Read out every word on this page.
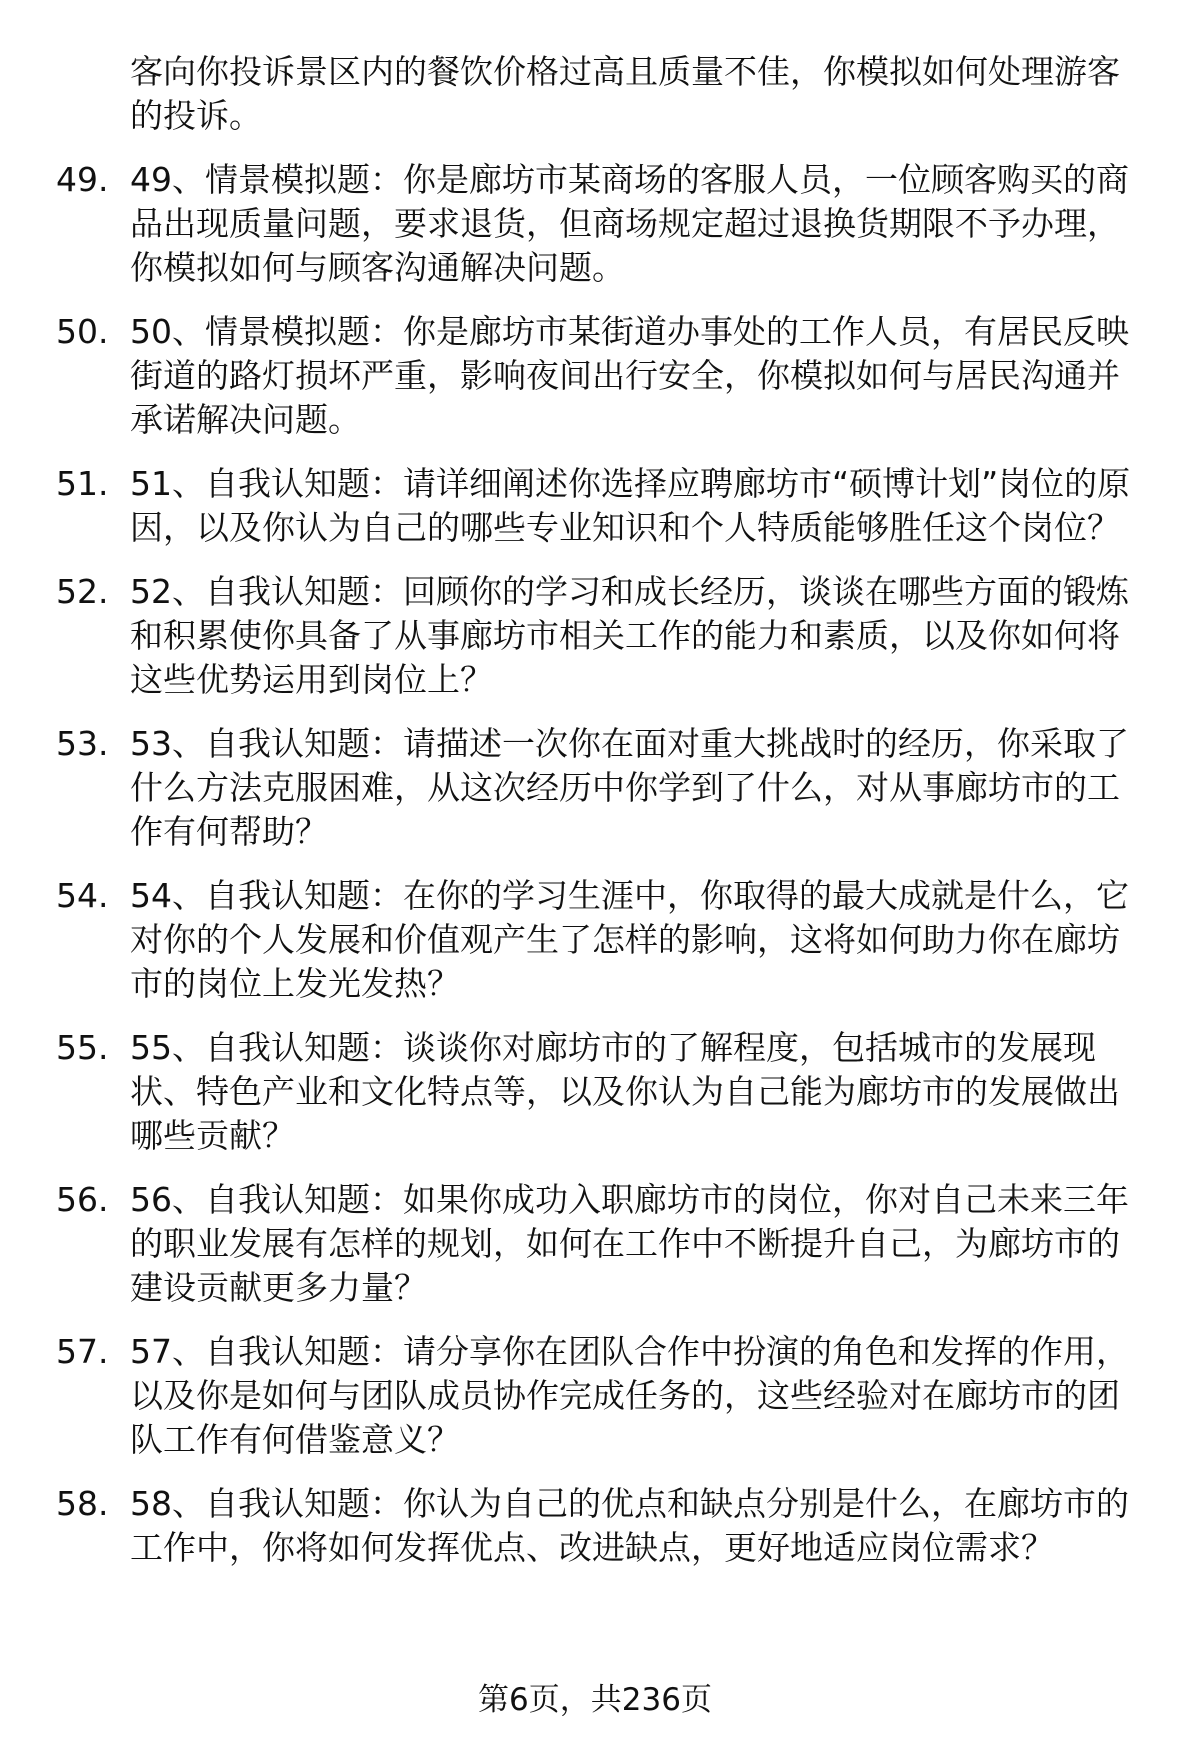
客向你投诉景区内的餐饮价格过高且质量不佳，你模拟如何处理游客的投诉。
49. 49、情景模拟题：你是廊坊市某商场的客服人员，一位顾客购买的商品出现质量问题，要求退货，但商场规定超过退换货期限不予办理，你模拟如何与顾客沟通解决问题。
50. 50、情景模拟题：你是廊坊市某街道办事处的工作人员，有居民反映街道的路灯损坏严重，影响夜间出行安全，你模拟如何与居民沟通并承诺解决问题。
51. 51、自我认知题：请详细阐述你选择应聘廊坊市“硕博计划”岗位的原因，以及你认为自己的哪些专业知识和个人特质能够胜任这个岗位？
52. 52、自我认知题：回顾你的学习和成长经历，谈谈在哪些方面的锻炼和积累使你具备了从事廊坊市相关工作的能力和素质，以及你如何将这些优势运用到岗位上？
53. 53、自我认知题：请描述一次你在面对重大挑战时的经历，你采取了什么方法克服困难，从这次经历中你学到了什么，对从事廊坊市的工作有何帮助？
54. 54、自我认知题：在你的学习生涯中，你取得的最大成就是什么，它对你的个人发展和价值观产生了怎样的影响，这将如何助力你在廊坊市的岗位上发光发热？
55. 55、自我认知题：谈谈你对廊坊市的了解程度，包括城市的发展现状、特色产业和文化特点等，以及你认为自己能为廊坊市的发展做出哪些贡献？
56. 56、自我认知题：如果你成功入职廊坊市的岗位，你对自己未来三年的职业发展有怎样的规划，如何在工作中不断提升自己，为廊坊市的建设贡献更多力量？
57. 57、自我认知题：请分享你在团队合作中扮演的角色和发挥的作用，以及你是如何与团队成员协作完成任务的，这些经验对在廊坊市的团队工作有何借鉴意义？
58. 58、自我认知题：你认为自己的优点和缺点分别是什么，在廊坊市的工作中，你将如何发挥优点、改进缺点，更好地适应岗位需求？
第6页，共236页
